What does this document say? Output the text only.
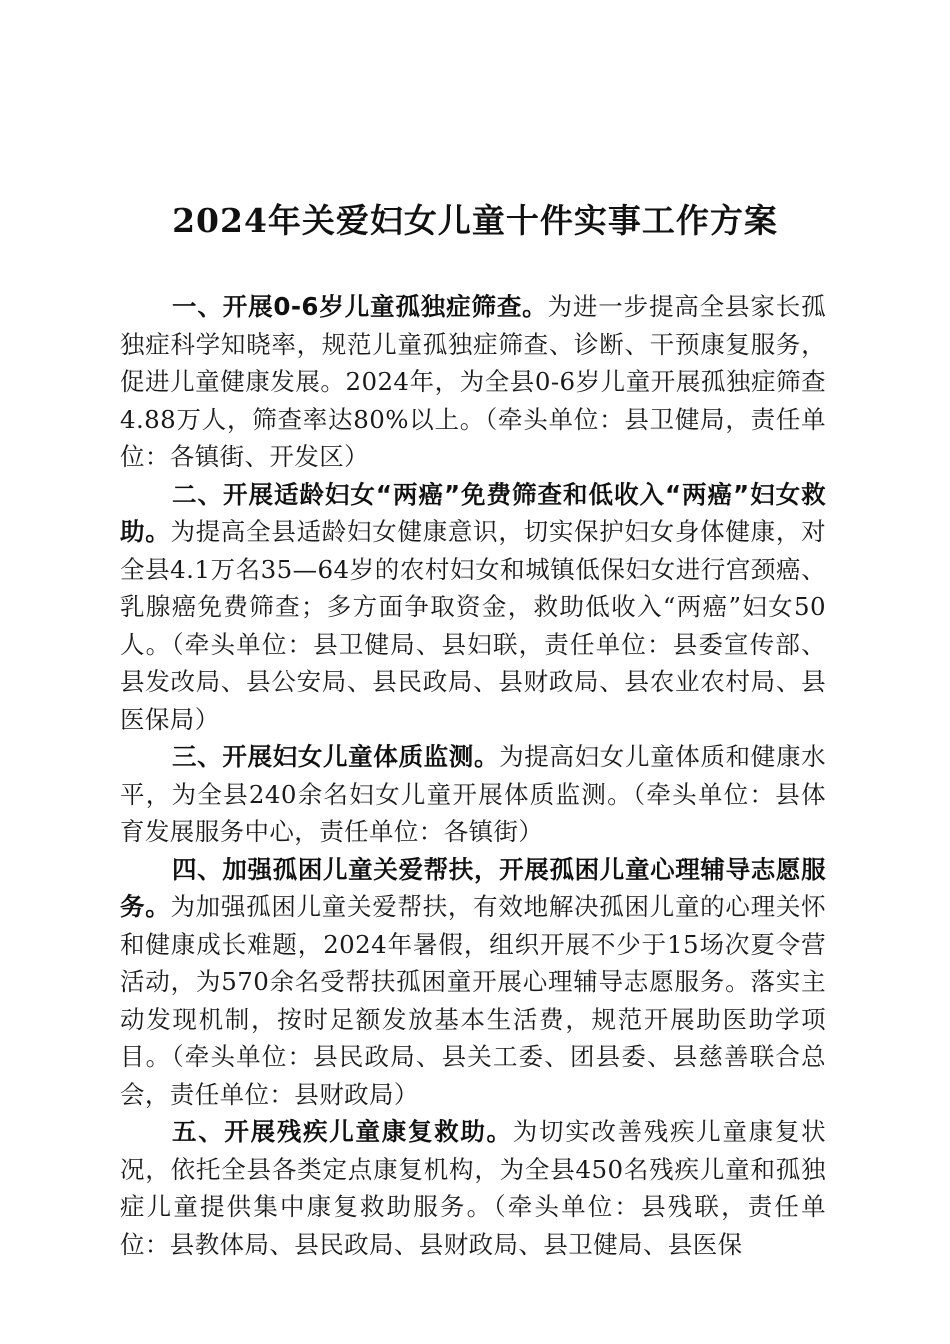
2024年关爱妇女儿童十件实事工作方案

一、开展0-6岁儿童孤独症筛查。为进一步提高全县家长孤独症科学知晓率，规范儿童孤独症筛查、诊断、干预康复服务，促进儿童健康发展。2024年，为全县0-6岁儿童开展孤独症筛查4.88万人，筛查率达80%以上。（牵头单位：县卫健局，责任单位：各镇街、开发区）

二、开展适龄妇女“两癌”免费筛查和低收入“两癌”妇女救助。为提高全县适龄妇女健康意识，切实保护妇女身体健康，对全县4.1万名35—64岁的农村妇女和城镇低保妇女进行宫颈癌、乳腺癌免费筛查；多方面争取资金，救助低收入“两癌”妇女50人。（牵头单位：县卫健局、县妇联，责任单位：县委宣传部、县发改局、县公安局、县民政局、县财政局、县农业农村局、县医保局）

三、开展妇女儿童体质监测。为提高妇女儿童体质和健康水平，为全县240余名妇女儿童开展体质监测。（牵头单位：县体育发展服务中心，责任单位：各镇街）

四、加强孤困儿童关爱帮扶，开展孤困儿童心理辅导志愿服务。为加强孤困儿童关爱帮扶，有效地解决孤困儿童的心理关怀和健康成长难题，2024年暑假，组织开展不少于15场次夏令营活动，为570余名受帮扶孤困童开展心理辅导志愿服务。落实主动发现机制，按时足额发放基本生活费，规范开展助医助学项目。（牵头单位：县民政局、县关工委、团县委、县慈善联合总会，责任单位：县财政局）

五、开展残疾儿童康复救助。为切实改善残疾儿童康复状况，依托全县各类定点康复机构，为全县450名残疾儿童和孤独症儿童提供集中康复救助服务。（牵头单位：县残联，责任单位：县教体局、县民政局、县财政局、县卫健局、县医保
